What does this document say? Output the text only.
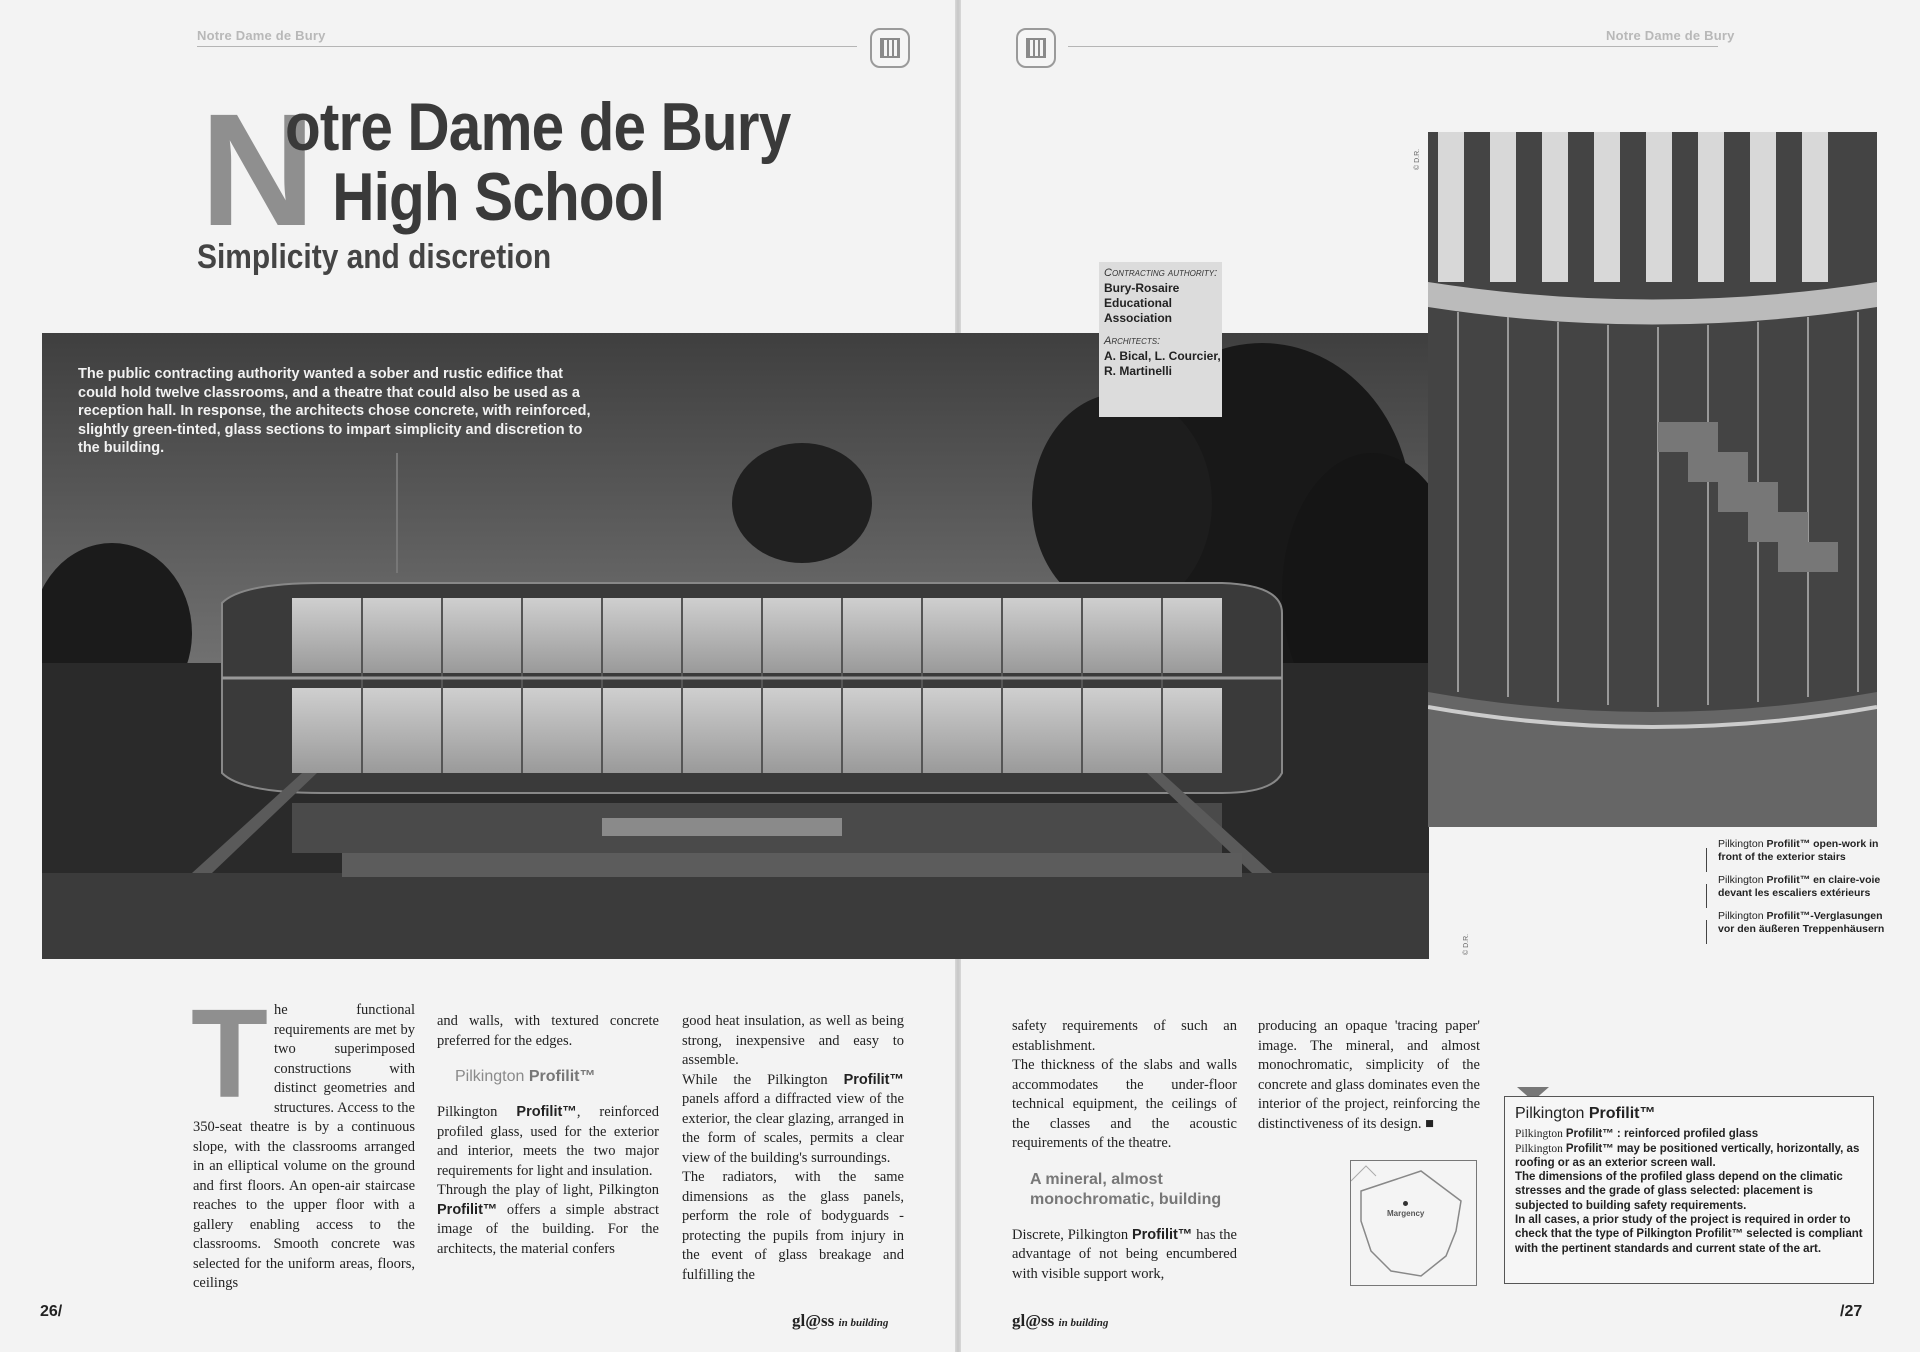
Notre Dame de Bury	Notre Dame de Bury
N
otre Dame de Bury
High School
Simplicity and discretion
The public contracting authority wanted a sober and rustic edifice that could hold twelve classrooms, and a theatre that could also be used as a reception hall. In response, the architects chose concrete, with reinforced, slightly green-tinted, glass sections to impart simplicity and discretion to the building.
Contracting authority:
Bury-Rosaire Educational Association
Architects:
A. Bical, L. Courcier, R. Martinelli
© D.R.
© D.R.
Pilkington Profilit™ open-work in front of the exterior stairs
Pilkington Profilit™ en claire-voie devant les escaliers extérieurs
Pilkington Profilit™-Verglasungen vor den äußeren Treppenhäusern
T he functional requirements are met by two superimposed constructions with distinct geometries and structures. Access to the 350-seat theatre is by a continuous slope, with the classrooms arranged in an elliptical volume on the ground and first floors. An open-air staircase reaches to the upper floor with a gallery enabling access to the classrooms. Smooth concrete was selected for the uniform areas, floors, ceilings

and walls, with textured concrete preferred for the edges.

Pilkington Profilit™

Pilkington Profilit™, reinforced profiled glass, used for the exterior and interior, meets the two major requirements for light and insulation.

Through the play of light, Pilkington Profilit™ offers a simple abstract image of the building. For the architects, the material confers

good heat insulation, as well as being strong, inexpensive and easy to assemble.

While the Pilkington Profilit™ panels afford a diffracted view of the exterior, the clear glazing, arranged in the form of scales, permits a clear view of the building's surroundings.

The radiators, with the same dimensions as the glass panels, perform the role of bodyguards - protecting the pupils from injury in the event of glass breakage and fulfilling the

safety requirements of such an establishment.

The thickness of the slabs and walls accommodates the under-floor technical equipment, the ceilings of the classes and the acoustic requirements of the theatre.

A mineral, almost
monochromatic, building

Discrete, Pilkington Profilit™ has the advantage of not being encumbered with visible support work,

producing an opaque 'tracing paper' image. The mineral, and almost monochromatic, simplicity of the concrete and glass dominates even the interior of the project, reinforcing the distinctiveness of its design. ■

Margency
Pilkington Profilit™
Pilkington Profilit™ : reinforced profiled glass
Pilkington Profilit™ may be positioned vertically, horizontally, as roofing or as an exterior screen wall.
The dimensions of the profiled glass depend on the climatic stresses and the grade of glass selected: placement is subjected to building safety requirements.
In all cases, a prior study of the project is required in order to check that the type of Pilkington Profilit™ selected is compliant with the pertinent standards and current state of the art.
26/	gl@ss in building	gl@ss in building
/27
